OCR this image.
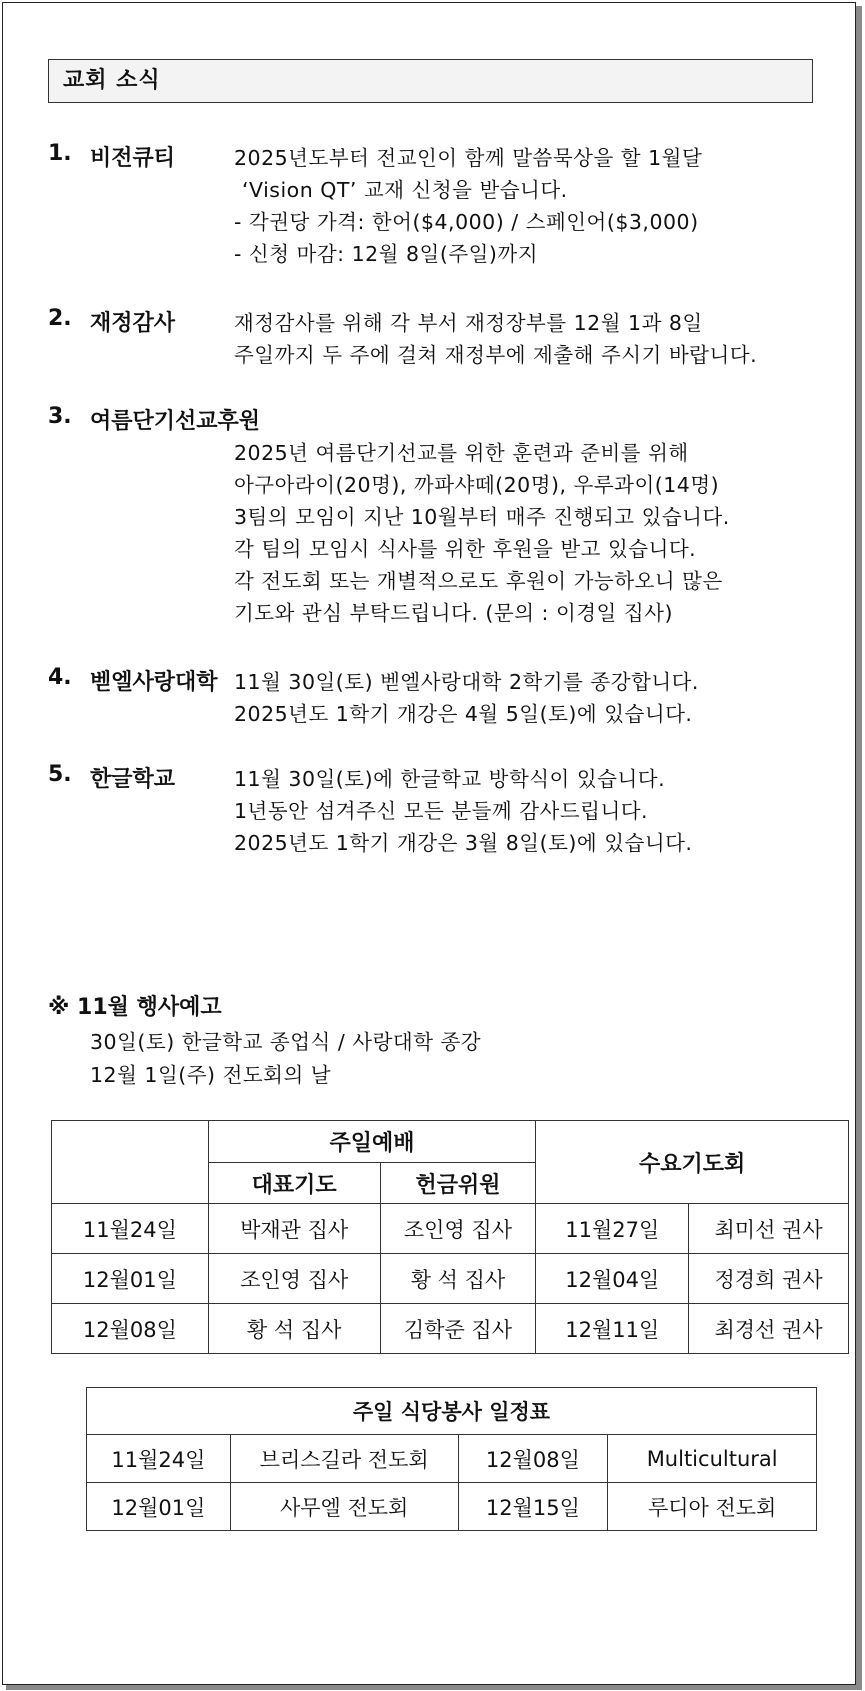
교회 소식
1. 비전큐티	2025년도부터 전교인이 함께 말씀묵상을 할 1월달
‘Vision QT’ 교재 신청을 받습니다.
- 각권당 가격: 한어($4,000) / 스페인어($3,000)
- 신청 마감: 12월 8일(주일)까지
2. 재정감사	재정감사를 위해 각 부서 재정장부를 12월 1과 8일
주일까지 두 주에 걸쳐 재정부에 제출해 주시기 바랍니다.
3. 여름단기선교후원
2025년 여름단기선교를 위한 훈련과 준비를 위해
아구아라이(20명), 까파샤떼(20명), 우루과이(14명)
3팀의 모임이 지난 10월부터 매주 진행되고 있습니다.
각 팀의 모임시 식사를 위한 후원을 받고 있습니다.
각 전도회 또는 개별적으로도 후원이 가능하오니 많은
기도와 관심 부탁드립니다. (문의 : 이경일 집사)
4. 벧엘사랑대학 11월 30일(토) 벧엘사랑대학 2학기를 종강합니다.
2025년도 1학기 개강은 4월 5일(토)에 있습니다.
5. 한글학교	11월 30일(토)에 한글학교 방학식이 있습니다.
1년동안 섬겨주신 모든 분들께 감사드립니다.
2025년도 1학기 개강은 3월 8일(토)에 있습니다.
※ 11월 행사예고
30일(토) 한글학교 종업식 / 사랑대학 종강
12월 1일(주) 전도회의 날
	주일예배		수요기도회	
	대표기도	헌금위원		
11월24일	박재관 집사	조인영 집사	11월27일	최미선 권사
12월01일	조인영 집사	황 석 집사	12월04일	정경희 권사
12월08일	황 석 집사	김학준 집사	12월11일	최경선 권사
주일 식당봉사 일정표			
11월24일	브리스길라 전도회	12월08일	Multicultural
12월01일	사무엘 전도회	12월15일	루디아 전도회
